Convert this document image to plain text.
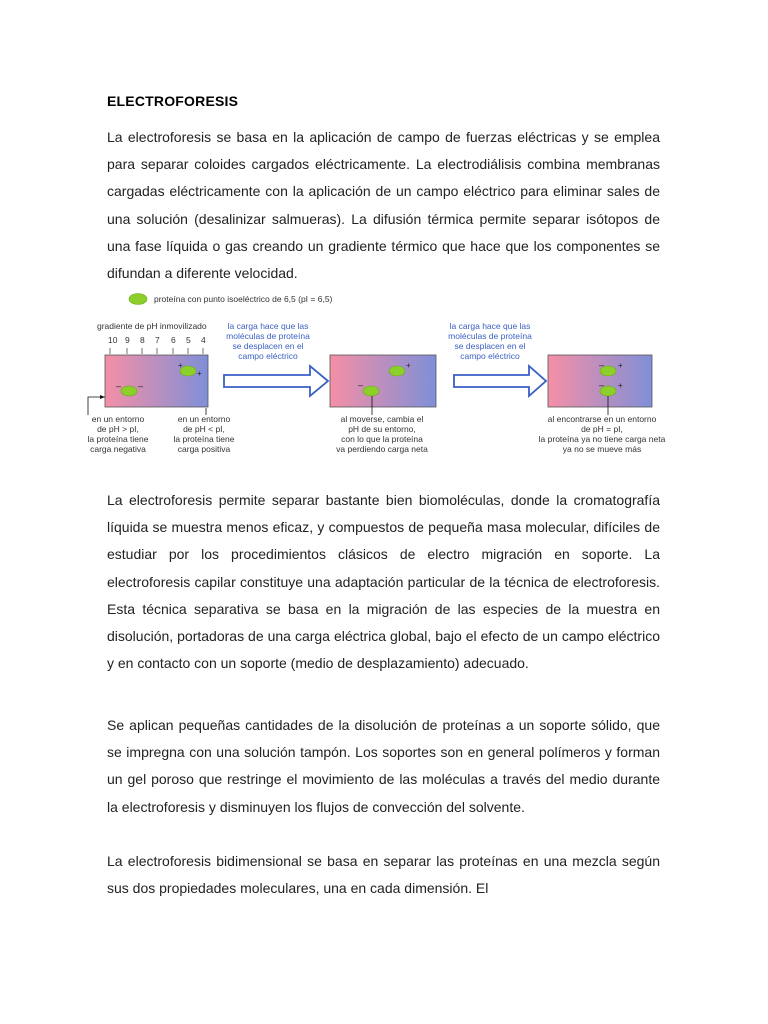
ELECTROFORESIS
La electroforesis se basa en la aplicación de campo de fuerzas eléctricas y se emplea para separar coloides cargados eléctricamente. La electrodiálisis combina membranas cargadas eléctricamente con la aplicación de un campo eléctrico para eliminar sales de una solución (desalinizar salmueras). La difusión térmica permite separar isótopos de una fase líquida o gas creando un gradiente térmico que hace que los componentes se difundan a diferente velocidad.
proteína con punto isoeléctrico de 6,5 (pI = 6,5)
gradiente de pH inmovilizado
10 9 8 7 6 5 4
– –
+
+
la carga hace que las
moléculas de proteína
se desplacen en el
campo eléctrico
–
+
la carga hace que las
moléculas de proteína
se desplacen en el
campo eléctrico
– +
– +
en un entorno
de pH > pI,
la proteína tiene
carga negativa
en un entorno
de pH < pI,
la proteína tiene
carga positiva
al moverse, cambia el
pH de su entorno,
con lo que la proteína
va perdiendo carga neta
al encontrarse en un entorno
de pH = pI,
la proteína ya no tiene carga neta
ya no se mueve más
La electroforesis permite separar bastante bien biomoléculas, donde la cromatografía líquida se muestra menos eficaz, y compuestos de pequeña masa molecular, difíciles de estudiar por los procedimientos clásicos de electro migración en soporte. La electroforesis capilar constituye una adaptación particular de la técnica de electroforesis. Esta técnica separativa se basa en la migración de las especies de la muestra en disolución, portadoras de una carga eléctrica global, bajo el efecto de un campo eléctrico y en contacto con un soporte (medio de desplazamiento) adecuado.
Se aplican pequeñas cantidades de la disolución de proteínas a un soporte sólido, que se impregna con una solución tampón. Los soportes son en general polímeros y forman un gel poroso que restringe el movimiento de las moléculas a través del medio durante la electroforesis y disminuyen los flujos de convección del solvente.
La electroforesis bidimensional se basa en separar las proteínas en una mezcla según sus dos propiedades moleculares, una en cada dimensión. El
